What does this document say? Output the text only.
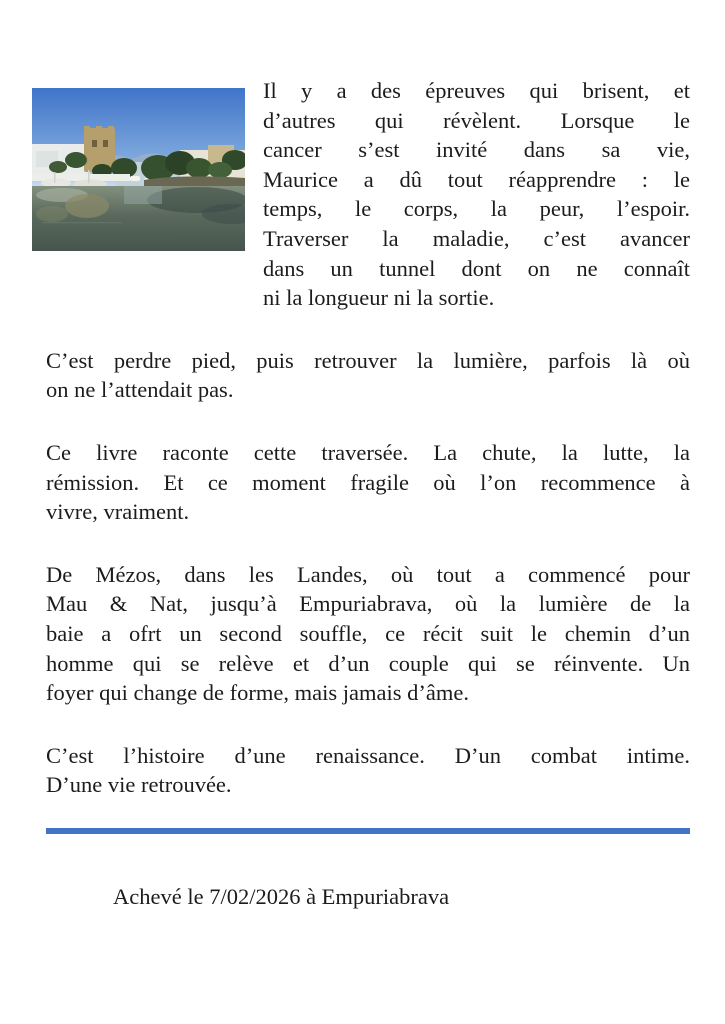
Il y a des épreuves qui brisent, et
d’autres qui révèlent. Lorsque le
cancer s’est invité dans sa vie,
Maurice a dû tout réapprendre : le
temps, le corps, la peur, l’espoir.
Traverser la maladie, c’est avancer
dans un tunnel dont on ne connaît
ni la longueur ni la sortie.

C’est perdre pied, puis retrouver la lumière, parfois là où
on ne l’attendait pas.

Ce livre raconte cette traversée. La chute, la lutte, la
rémission. Et ce moment fragile où l’on recommence à
vivre, vraiment.

De Mézos, dans les Landes, où tout a commencé pour
Mau & Nat, jusqu’à Empuriabrava, où la lumière de la
baie a ofrt un second souffle, ce récit suit le chemin d’un
homme qui se relève et d’un couple qui se réinvente. Un
foyer qui change de forme, mais jamais d’âme.

C’est l’histoire d’une renaissance. D’un combat intime.
D’une vie retrouvée.

Achevé le 7/02/2026 à Empuriabrava
